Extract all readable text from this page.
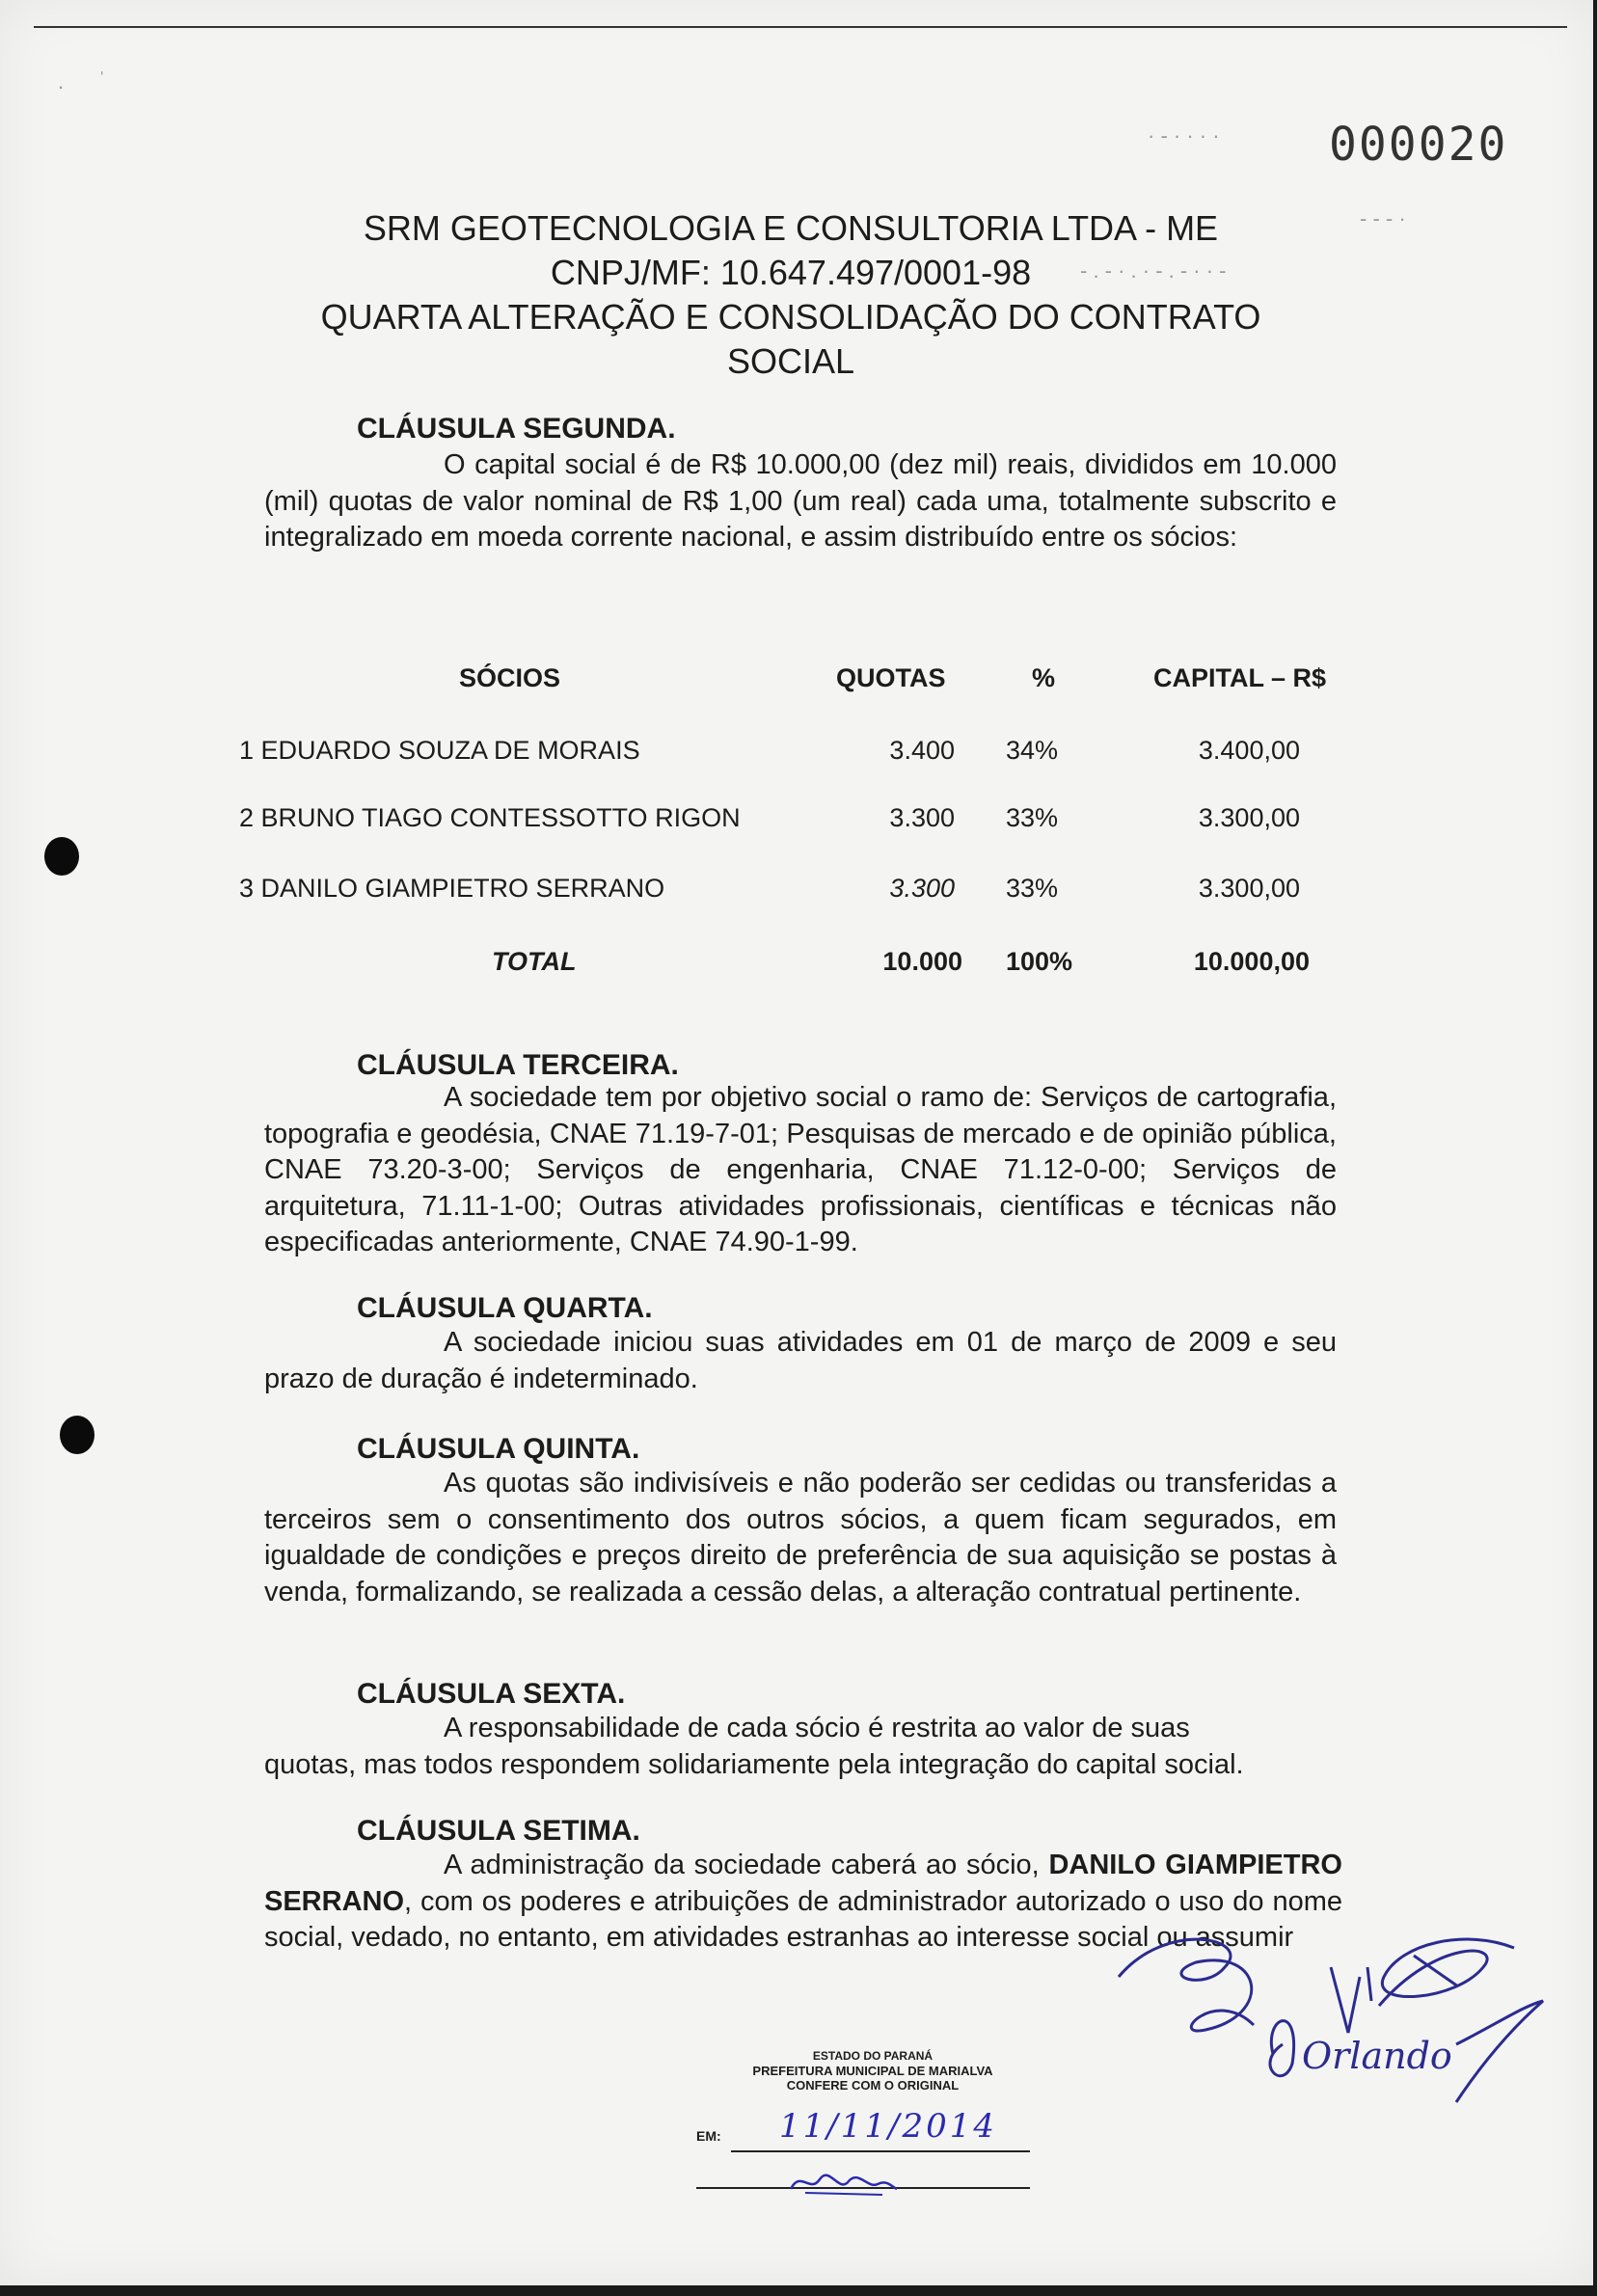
. ˈ
· - · · · ·
- - - ·
- . - · . · - . - · · -
000020
SRM GEOTECNOLOGIA E CONSULTORIA LTDA - ME
CNPJ/MF: 10.647.497/0001-98
QUARTA ALTERAÇÃO E CONSOLIDAÇÃO DO CONTRATO
SOCIAL
CLÁUSULA SEGUNDA.

O capital social é de R$ 10.000,00 (dez mil) reais, divididos em 10.000 (mil) quotas de valor nominal de R$ 1,00 (um real) cada uma, totalmente subscrito e integralizado em moeda corrente nacional, e assim distribuído entre os sócios:

SÓCIOS	QUOTAS	%	CAPITAL – R$
1 EDUARDO SOUZA DE MORAIS	3.400 34%	3.400,00
2 BRUNO TIAGO CONTESSOTTO RIGON	3.300 33%	3.300,00
3 DANILO GIAMPIETRO SERRANO	3.300 33%	3.300,00
TOTAL	10.000 100%	10.000,00
CLÁUSULA TERCEIRA.

A sociedade tem por objetivo social o ramo de: Serviços de cartografia, topografia e geodésia, CNAE 71.19-7-01; Pesquisas de mercado e de opinião pública, CNAE 73.20-3-00; Serviços de engenharia, CNAE 71.12-0-00; Serviços de arquitetura, 71.11-1-00; Outras atividades profissionais, científicas e técnicas não especificadas anteriormente, CNAE 74.90-1-99.

CLÁUSULA QUARTA.

A sociedade iniciou suas atividades em 01 de março de 2009 e seu prazo de duração é indeterminado.

CLÁUSULA QUINTA.

As quotas são indivisíveis e não poderão ser cedidas ou transferidas a terceiros sem o consentimento dos outros sócios, a quem ficam segurados, em igualdade de condições e preços direito de preferência de sua aquisição se postas à venda, formalizando, se realizada a cessão delas, a alteração contratual pertinente.

CLÁUSULA SEXTA.
A responsabilidade de cada sócio é restrita ao valor de suas
quotas, mas todos respondem solidariamente pela integração do capital social.
CLÁUSULA SETIMA.

A administração da sociedade caberá ao sócio, DANILO GIAMPIETRO SERRANO, com os poderes e atribuições de administrador autorizado o uso do nome social, vedado, no entanto, em atividades estranhas ao interesse social ou assumir

Orlando
ESTADO DO PARANÁ
PREFEITURA MUNICIPAL DE MARIALVA
CONFERE COM O ORIGINAL
EM: 11/11/2014
